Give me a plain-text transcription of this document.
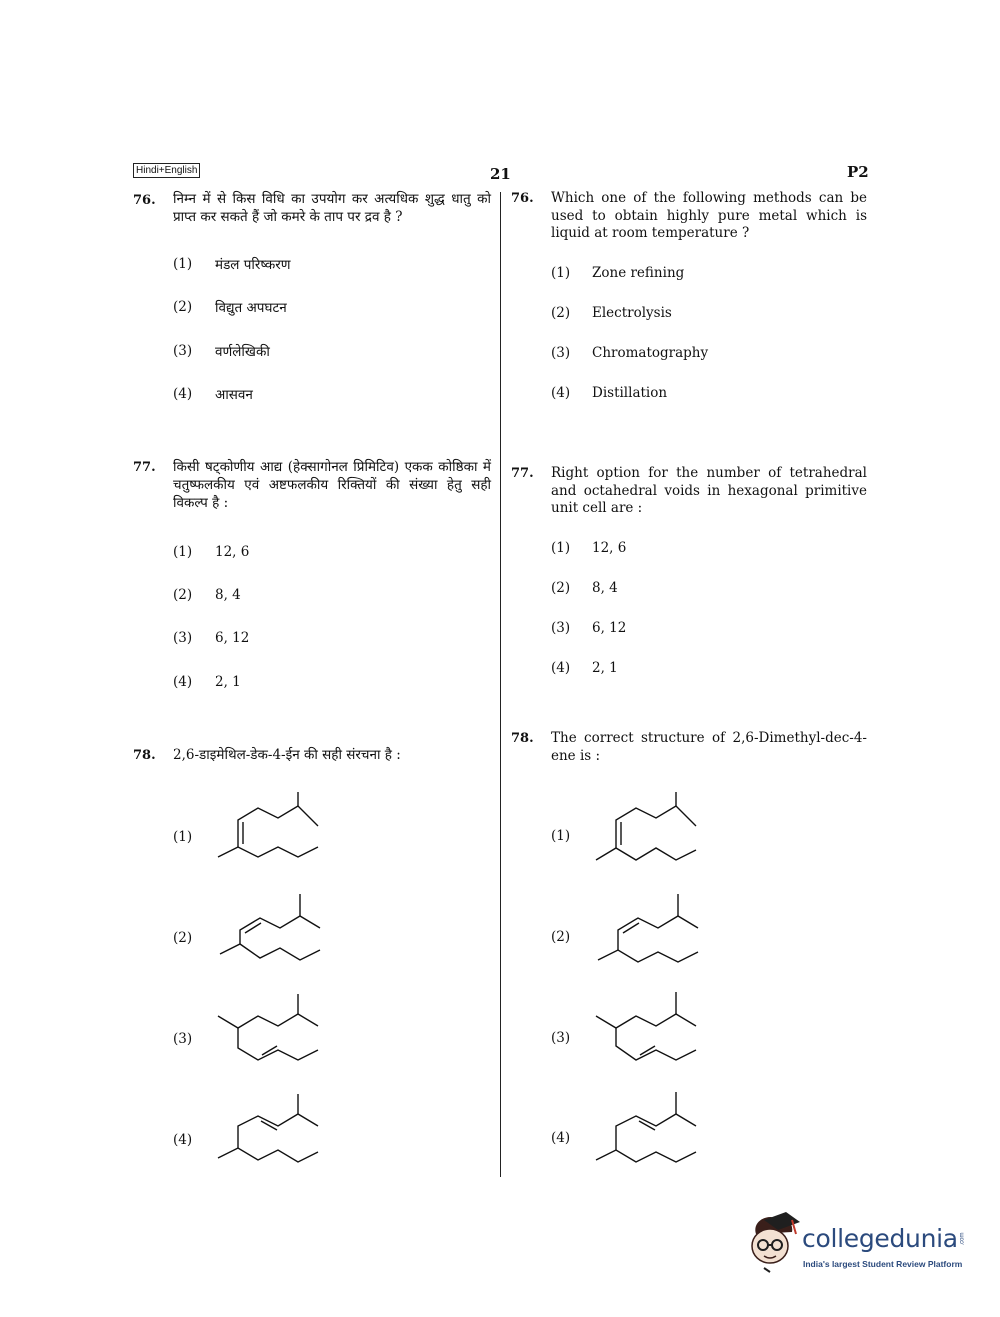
Hindi+English	21	P2
76. निम्न में से किस विधि का उपयोग कर अत्यधिक शुद्ध धातु को प्राप्त कर सकते हैं जो कमरे के ताप पर द्रव है ?
(1) मंडल परिष्करण
(2) विद्युत अपघटन
(3) वर्णलेखिकी
(4) आसवन
77. किसी षट्कोणीय आद्य (हेक्सागोनल प्रिमिटिव) एकक कोष्ठिका में चतुष्फलकीय एवं अष्टफलकीय रिक्तियों की संख्या हेतु सही विकल्प है :
(1) 12, 6
(2) 8, 4
(3) 6, 12
(4) 2, 1
78. 2,6-डाइमेथिल-डेक-4-ईन की सही संरचना है :
(1)
(2)
(3)
(4)
76. Which one of the following methods can be used to obtain highly pure metal which is liquid at room temperature ?
(1) Zone refining
(2) Electrolysis
(3) Chromatography
(4) Distillation
77. Right option for the number of tetrahedral and octahedral voids in hexagonal primitive unit cell are :
(1) 12, 6
(2) 8, 4
(3) 6, 12
(4) 2, 1
78. The correct structure of 2,6-Dimethyl-dec-4-ene is :
(1)
(2)
(3)
(4)
collegedunia .com
India's largest Student Review Platform
